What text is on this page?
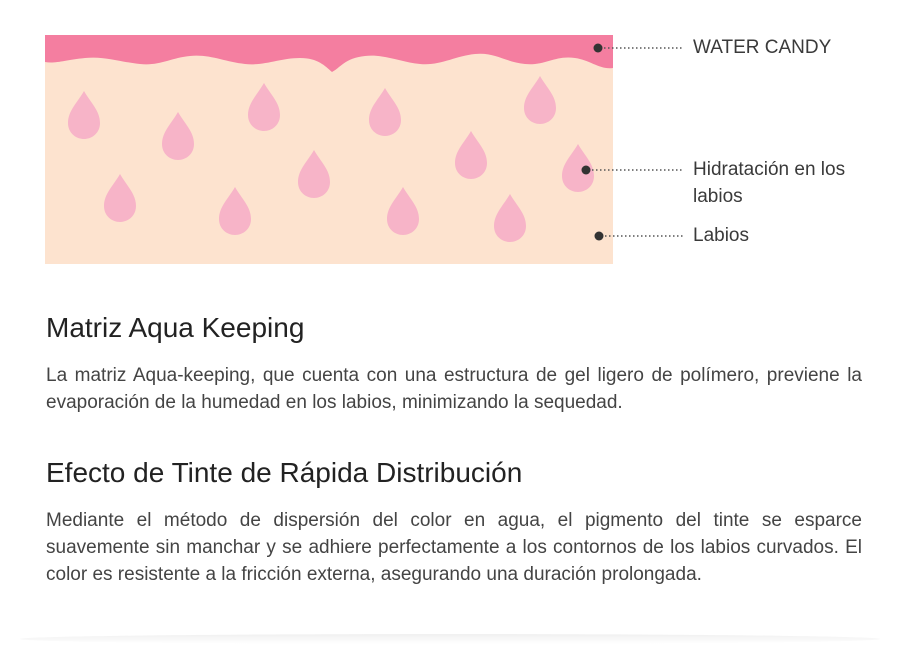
WATER CANDY
Hidratación en los
labios
Labios
Matriz Aqua Keeping

La matriz Aqua-keeping, que cuenta con una estructura de gel ligero de polímero, previene la evaporación de la humedad en los labios, minimizando la sequedad.

Efecto de Tinte de Rápida Distribución

Mediante el método de dispersión del color en agua, el pigmento del tinte se esparce suavemente sin manchar y se adhiere perfectamente a los contornos de los labios curvados. El color es resistente a la fricción externa, asegurando una duración prolongada.
